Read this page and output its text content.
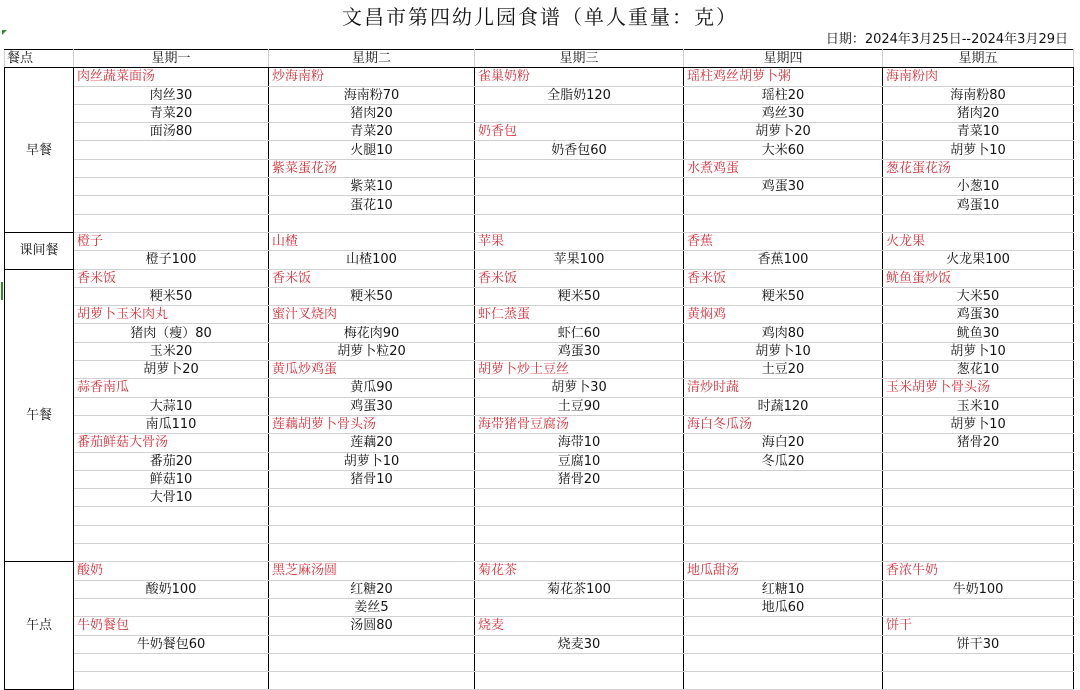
文昌市第四幼儿园食谱（单人重量：克）
日期：2024年3月25日--2024年3月29日
餐点	星期一	星期二	星期三	星期四	星期五
早餐	肉丝蔬菜面汤	炒海南粉	雀巢奶粉	瑶柱鸡丝胡萝卜粥	海南粉肉
	肉丝30	海南粉70	全脂奶120	瑶柱20	海南粉80
	青菜20	猪肉20		鸡丝30	猪肉20
	面汤80	青菜20	奶香包	胡萝卜20	青菜10
		火腿10	奶香包60	大米60	胡萝卜10
		紫菜蛋花汤		水煮鸡蛋	葱花蛋花汤
		紫菜10		鸡蛋30	小葱10
		蛋花10			鸡蛋10

课间餐	橙子	山楂	苹果	香蕉	火龙果
	橙子100	山楂100	苹果100	香蕉100	火龙果100
午餐	香米饭	香米饭	香米饭	香米饭	鱿鱼蛋炒饭
	粳米50	粳米50	粳米50	粳米50	大米50
	胡萝卜玉米肉丸	蜜汁叉烧肉	虾仁蒸蛋	黄焖鸡	鸡蛋30
	猪肉（瘦）80	梅花肉90	虾仁60	鸡肉80	鱿鱼30
	玉米20	胡萝卜粒20	鸡蛋30	胡萝卜10	胡萝卜10
	胡萝卜20	黄瓜炒鸡蛋	胡萝卜炒土豆丝	土豆20	葱花10
	蒜香南瓜	黄瓜90	胡萝卜30	清炒时蔬	玉米胡萝卜骨头汤
	大蒜10	鸡蛋30	土豆90	时蔬120	玉米10
	南瓜110	莲藕胡萝卜骨头汤	海带猪骨豆腐汤	海白冬瓜汤	胡萝卜10
	番茄鲜菇大骨汤	莲藕20	海带10	海白20	猪骨20
	番茄20	胡萝卜10	豆腐10	冬瓜20	
	鲜菇10	猪骨10	猪骨20		
	大骨10				

午点	酸奶	黑芝麻汤圆	菊花茶	地瓜甜汤	香浓牛奶
	酸奶100	红糖20	菊花茶100	红糖10	牛奶100
		姜丝5		地瓜60	
	牛奶餐包	汤圆80	烧麦		饼干
	牛奶餐包60		烧麦30		饼干30
